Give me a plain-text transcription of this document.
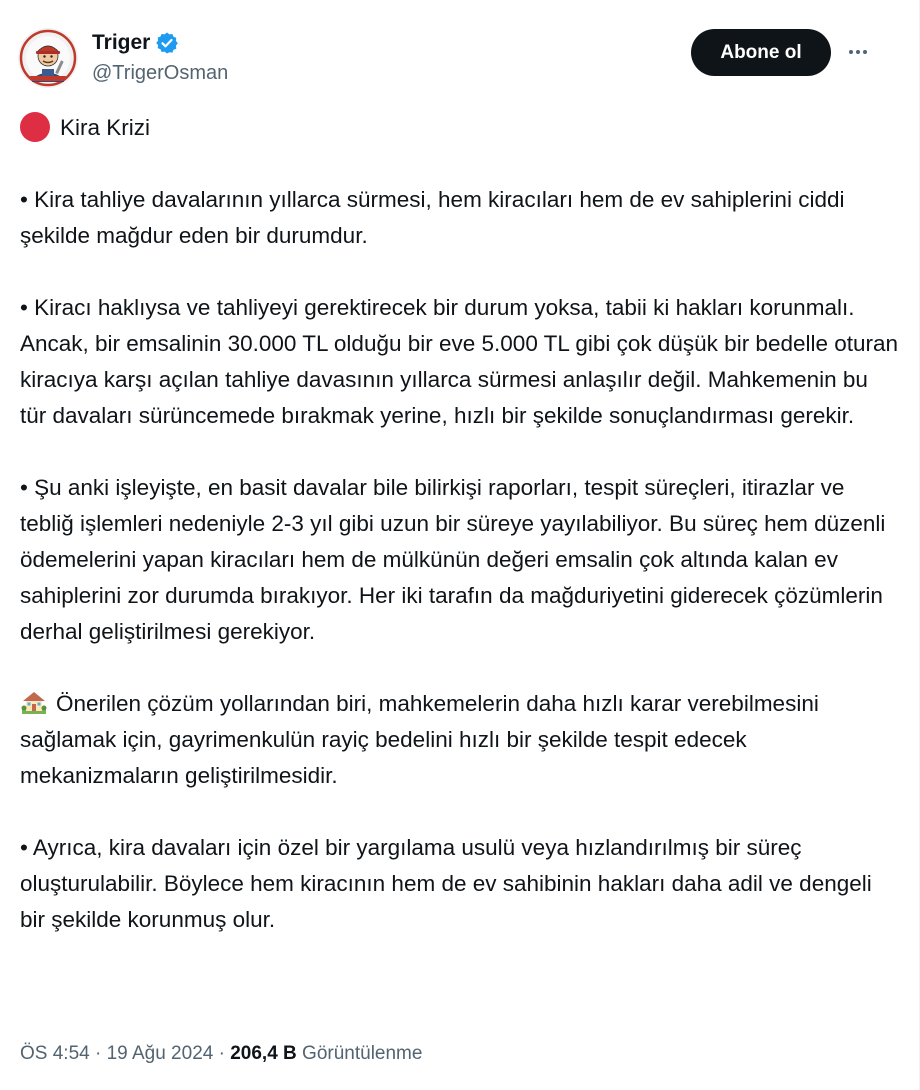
Triger
@TrigerOsman
Abone ol

Kira Krizi

• Kira tahliye davalarının yıllarca sürmesi, hem kiracıları hem de ev sahiplerini ciddi şekilde mağdur eden bir durumdur.

• Kiracı haklıysa ve tahliyeyi gerektirecek bir durum yoksa, tabii ki hakları korunmalı. Ancak, bir emsalinin 30.000 TL olduğu bir eve 5.000 TL gibi çok düşük bir bedelle oturan kiracıya karşı açılan tahliye davasının yıllarca sürmesi anlaşılır değil. Mahkemenin bu tür davaları sürüncemede bırakmak yerine, hızlı bir şekilde sonuçlandırması gerekir.

• Şu anki işleyişte, en basit davalar bile bilirkişi raporları, tespit süreçleri, itirazlar ve tebliğ işlemleri nedeniyle 2-3 yıl gibi uzun bir süreye yayılabiliyor. Bu süreç hem düzenli ödemelerini yapan kiracıları hem de mülkünün değeri emsalin çok altında kalan ev sahiplerini zor durumda bırakıyor. Her iki tarafın da mağduriyetini giderecek çözümlerin derhal geliştirilmesi gerekiyor.

Önerilen çözüm yollarından biri, mahkemelerin daha hızlı karar verebilmesini sağlamak için, gayrimenkulün rayiç bedelini hızlı bir şekilde tespit edecek mekanizmaların geliştirilmesidir.

• Ayrıca, kira davaları için özel bir yargılama usulü veya hızlandırılmış bir süreç oluşturulabilir. Böylece hem kiracının hem de ev sahibinin hakları daha adil ve dengeli bir şekilde korunmuş olur.

ÖS 4:54 · 19 Ağu 2024 · 206,4 B Görüntülenme
